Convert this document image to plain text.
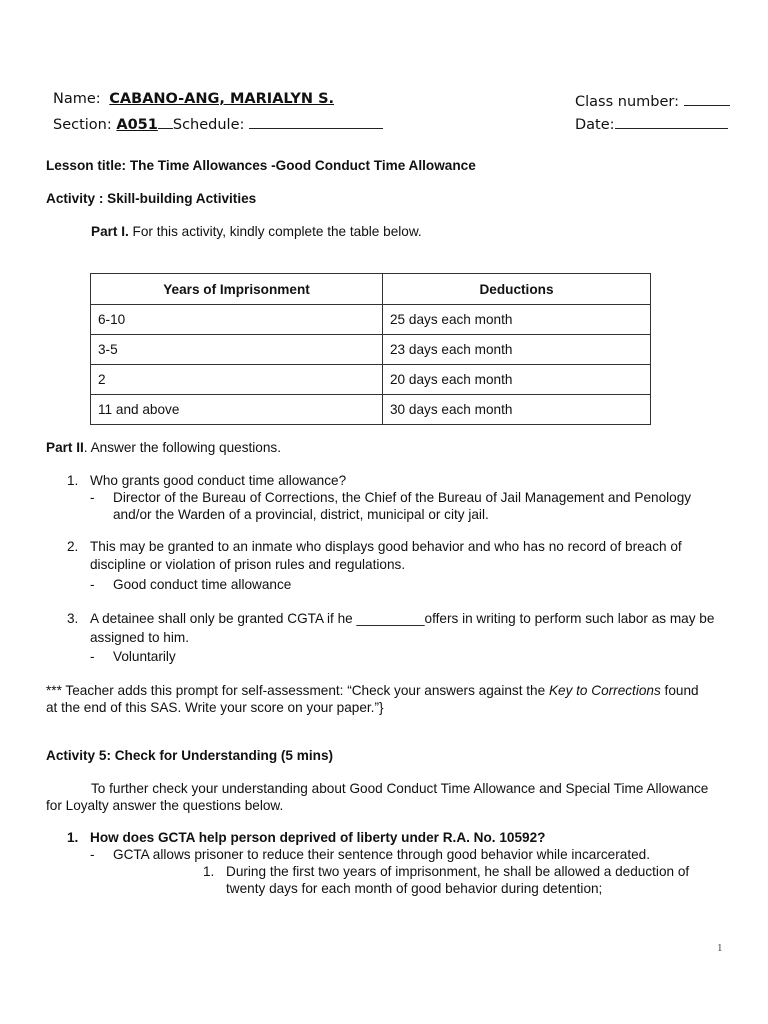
Name: CABANO-ANG, MARIALYN S.
Section: A051 Schedule:
Class number:
Date:
Lesson title: The Time Allowances -Good Conduct Time Allowance
Activity : Skill-building Activities
Part I. For this activity, kindly complete the table below.
Years of Imprisonment	Deductions
6-10	25 days each month
3-5	23 days each month
2	20 days each month
11 and above	30 days each month
Part II. Answer the following questions.
1. Who grants good conduct time allowance?
- Director of the Bureau of Corrections, the Chief of the Bureau of Jail Management and Penology
and/or the Warden of a provincial, district, municipal or city jail.
2. This may be granted to an inmate who displays good behavior and who has no record of breach of
discipline or violation of prison rules and regulations.
- Good conduct time allowance
3. A detainee shall only be granted CGTA if he _________offers in writing to perform such labor as may be
assigned to him.
- Voluntarily
*** Teacher adds this prompt for self-assessment: “Check your answers against the Key to Corrections found
at the end of this SAS. Write your score on your paper.”}
Activity 5: Check for Understanding (5 mins)
To further check your understanding about Good Conduct Time Allowance and Special Time Allowance
for Loyalty answer the questions below.
1. How does GCTA help person deprived of liberty under R.A. No. 10592?
- GCTA allows prisoner to reduce their sentence through good behavior while incarcerated.
1. During the first two years of imprisonment, he shall be allowed a deduction of
twenty days for each month of good behavior during detention;
1
